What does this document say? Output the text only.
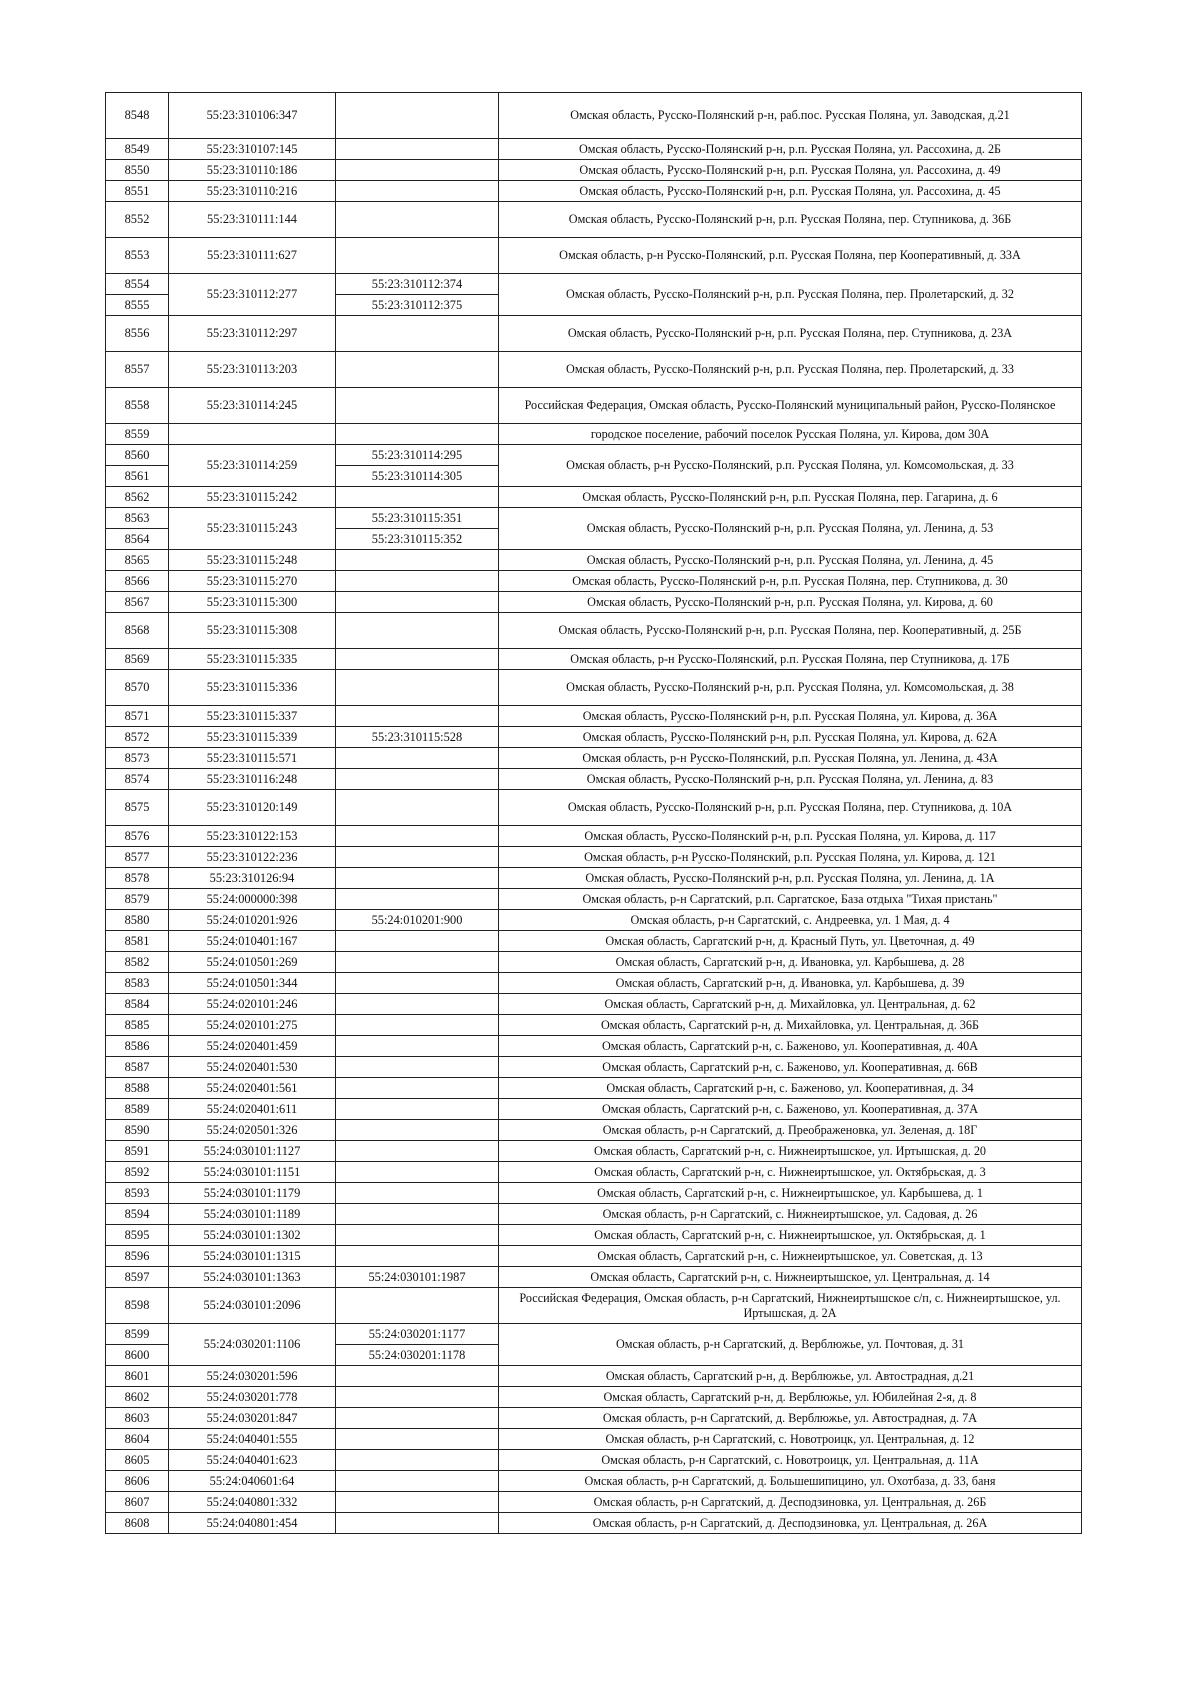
8548	55:23:310106:347		Омская область, Русско-Полянский р-н, раб.пос. Русская Поляна, ул. Заводская, д.21
8549	55:23:310107:145		Омская область, Русско-Полянский р-н, р.п. Русская Поляна, ул. Рассохина, д. 2Б
8550	55:23:310110:186		Омская область, Русско-Полянский р-н, р.п. Русская Поляна, ул. Рассохина, д. 49
8551	55:23:310110:216		Омская область, Русско-Полянский р-н, р.п. Русская Поляна, ул. Рассохина, д. 45
8552	55:23:310111:144		Омская область, Русско-Полянский р-н, р.п. Русская Поляна, пер. Ступникова, д. 36Б
8553	55:23:310111:627		Омская область, р-н Русско-Полянский, р.п. Русская Поляна, пер Кооперативный, д. 33А
8554	55:23:310112:277	55:23:310112:374	Омская область, Русско-Полянский р-н, р.п. Русская Поляна, пер. Пролетарский, д. 32
8555		55:23:310112:375	
8556	55:23:310112:297		Омская область, Русско-Полянский р-н, р.п. Русская Поляна, пер. Ступникова, д. 23А
8557	55:23:310113:203		Омская область, Русско-Полянский р-н, р.п. Русская Поляна, пер. Пролетарский, д. 33
8558	55:23:310114:245		Российская Федерация, Омская область, Русско-Полянский муниципальный район, Русско-Полянское
8559			городское поселение, рабочий поселок Русская Поляна, ул. Кирова, дом 30А
8560	55:23:310114:259	55:23:310114:295	Омская область, р-н Русско-Полянский, р.п. Русская Поляна, ул. Комсомольская, д. 33
8561		55:23:310114:305	
8562	55:23:310115:242		Омская область, Русско-Полянский р-н, р.п. Русская Поляна, пер. Гагарина, д. 6
8563	55:23:310115:243	55:23:310115:351	Омская область, Русско-Полянский р-н, р.п. Русская Поляна, ул. Ленина, д. 53
8564		55:23:310115:352	
8565	55:23:310115:248		Омская область, Русско-Полянский р-н, р.п. Русская Поляна, ул. Ленина, д. 45
8566	55:23:310115:270		Омская область, Русско-Полянский р-н, р.п. Русская Поляна, пер. Ступникова, д. 30
8567	55:23:310115:300		Омская область, Русско-Полянский р-н, р.п. Русская Поляна, ул. Кирова, д. 60
8568	55:23:310115:308		Омская область, Русско-Полянский р-н, р.п. Русская Поляна, пер. Кооперативный, д. 25Б
8569	55:23:310115:335		Омская область, р-н Русско-Полянский, р.п. Русская Поляна, пер Ступникова, д. 17Б
8570	55:23:310115:336		Омская область, Русско-Полянский р-н, р.п. Русская Поляна, ул. Комсомольская, д. 38
8571	55:23:310115:337		Омская область, Русско-Полянский р-н, р.п. Русская Поляна, ул. Кирова, д. 36А
8572	55:23:310115:339	55:23:310115:528	Омская область, Русско-Полянский р-н, р.п. Русская Поляна, ул. Кирова, д. 62А
8573	55:23:310115:571		Омская область, р-н Русско-Полянский, р.п. Русская Поляна, ул. Ленина, д. 43А
8574	55:23:310116:248		Омская область, Русско-Полянский р-н, р.п. Русская Поляна, ул. Ленина, д. 83
8575	55:23:310120:149		Омская область, Русско-Полянский р-н, р.п. Русская Поляна, пер. Ступникова, д. 10А
8576	55:23:310122:153		Омская область, Русско-Полянский р-н, р.п. Русская Поляна, ул. Кирова, д. 117
8577	55:23:310122:236		Омская область, р-н Русско-Полянский, р.п. Русская Поляна, ул. Кирова, д. 121
8578	55:23:310126:94		Омская область, Русско-Полянский р-н, р.п. Русская Поляна, ул. Ленина, д. 1А
8579	55:24:000000:398		Омская область, р-н Саргатский, р.п. Саргатское, База отдыха "Тихая пристань"
8580	55:24:010201:926	55:24:010201:900	Омская область, р-н Саргатский, с. Андреевка, ул. 1 Мая, д. 4
8581	55:24:010401:167		Омская область, Саргатский р-н, д. Красный Путь, ул. Цветочная, д. 49
8582	55:24:010501:269		Омская область, Саргатский р-н, д. Ивановка, ул. Карбышева, д. 28
8583	55:24:010501:344		Омская область, Саргатский р-н, д. Ивановка, ул. Карбышева, д. 39
8584	55:24:020101:246		Омская область, Саргатский р-н, д. Михайловка, ул. Центральная, д. 62
8585	55:24:020101:275		Омская область, Саргатский р-н, д. Михайловка, ул. Центральная, д. 36Б
8586	55:24:020401:459		Омская область, Саргатский р-н, с. Баженово, ул. Кооперативная, д. 40А
8587	55:24:020401:530		Омская область, Саргатский р-н, с. Баженово, ул. Кооперативная, д. 66В
8588	55:24:020401:561		Омская область, Саргатский р-н, с. Баженово, ул. Кооперативная, д. 34
8589	55:24:020401:611		Омская область, Саргатский р-н, с. Баженово, ул. Кооперативная, д. 37А
8590	55:24:020501:326		Омская область, р-н Саргатский, д. Преображеновка, ул. Зеленая, д. 18Г
8591	55:24:030101:1127		Омская область, Саргатский р-н, с. Нижнеиртышское, ул. Иртышская, д. 20
8592	55:24:030101:1151		Омская область, Саргатский р-н, с. Нижнеиртышское, ул. Октябрьская, д. 3
8593	55:24:030101:1179		Омская область, Саргатский р-н, с. Нижнеиртышское, ул. Карбышева, д. 1
8594	55:24:030101:1189		Омская область, р-н Саргатский, с. Нижнеиртышское, ул. Садовая, д. 26
8595	55:24:030101:1302		Омская область, Саргатский р-н, с. Нижнеиртышское, ул. Октябрьская, д. 1
8596	55:24:030101:1315		Омская область, Саргатский р-н, с. Нижнеиртышское, ул. Советская, д. 13
8597	55:24:030101:1363	55:24:030101:1987	Омская область, Саргатский р-н, с. Нижнеиртышское, ул. Центральная, д. 14
8598	55:24:030101:2096		Российская Федерация, Омская область, р-н Саргатский, Нижнеиртышское с/п, с. Нижнеиртышское, ул. Иртышская, д. 2А
8599	55:24:030201:1106	55:24:030201:1177	Омская область, р-н Саргатский, д. Верблюжье, ул. Почтовая, д. 31
8600		55:24:030201:1178	
8601	55:24:030201:596		Омская область, Саргатский р-н, д. Верблюжье, ул. Автострадная, д.21
8602	55:24:030201:778		Омская область, Саргатский р-н, д. Верблюжье, ул. Юбилейная 2-я, д. 8
8603	55:24:030201:847		Омская область, р-н Саргатский, д. Верблюжье, ул. Автострадная, д. 7А
8604	55:24:040401:555		Омская область, р-н Саргатский, с. Новотроицк, ул. Центральная, д. 12
8605	55:24:040401:623		Омская область, р-н Саргатский, с. Новотроицк, ул. Центральная, д. 11А
8606	55:24:040601:64		Омская область, р-н Саргатский, д. Большешипицино, ул. Охотбаза, д. 33, баня
8607	55:24:040801:332		Омская область, р-н Саргатский, д. Десподзиновка, ул. Центральная, д. 26Б
8608	55:24:040801:454		Омская область, р-н Саргатский, д. Десподзиновка, ул. Центральная, д. 26А
